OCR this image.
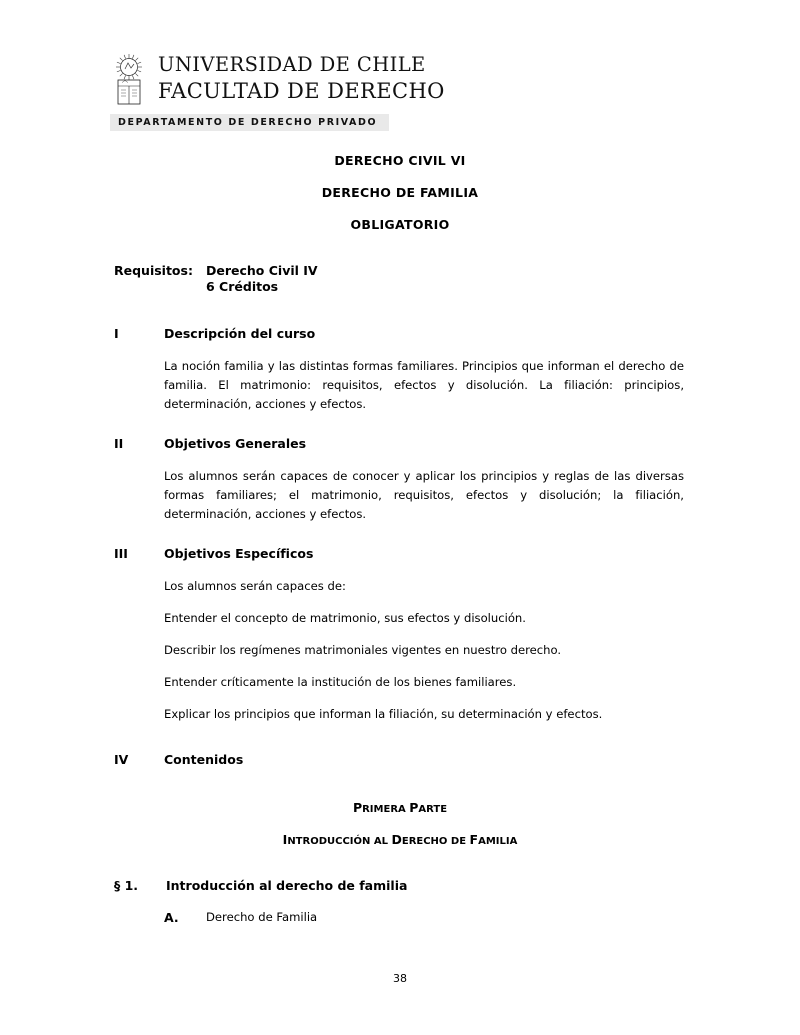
UNIVERSIDAD DE CHILE
FACULTAD DE DERECHO
DEPARTAMENTO DE DERECHO PRIVADO
DERECHO CIVIL VI
DERECHO DE FAMILIA
OBLIGATORIO
Requisitos: Derecho Civil IV
6 Créditos
I	Descripción del curso
La noción familia y las distintas formas familiares. Principios que informan el derecho de familia. El matrimonio: requisitos, efectos y disolución. La filiación: principios, determinación, acciones y efectos.
II	Objetivos Generales
Los alumnos serán capaces de conocer y aplicar los principios y reglas de las diversas formas familiares; el matrimonio, requisitos, efectos y disolución; la filiación, determinación, acciones y efectos.
III	Objetivos Específicos
Los alumnos serán capaces de:
Entender el concepto de matrimonio, sus efectos y disolución.
Describir los regímenes matrimoniales vigentes en nuestro derecho.
Entender críticamente la institución de los bienes familiares.
Explicar los principios que informan la filiación, su determinación y efectos.
IV	Contenidos
PRIMERA PARTE
INTRODUCCIÓN AL DERECHO DE FAMILIA
§ 1.	Introducción al derecho de familia
A.	Derecho de Familia
38
